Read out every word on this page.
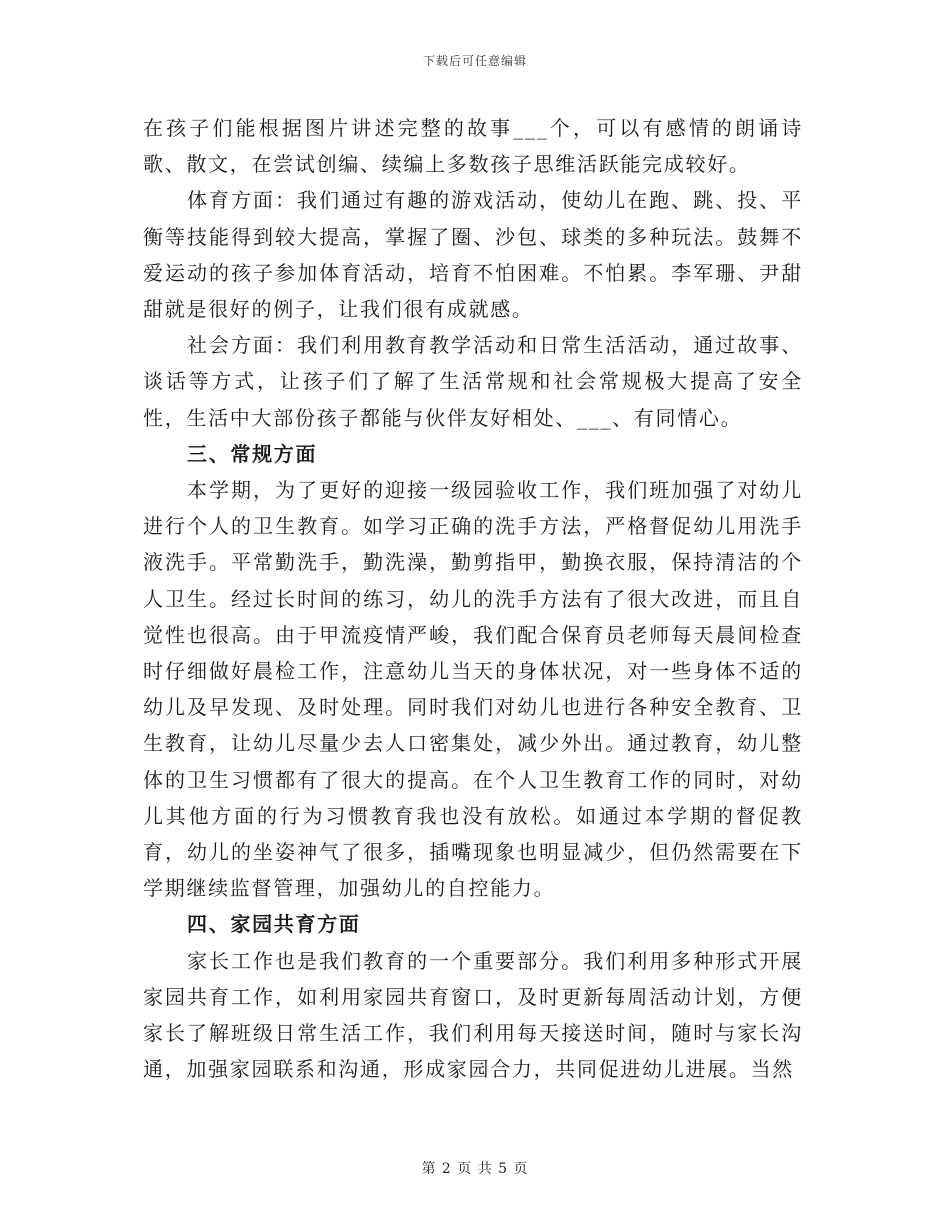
下载后可任意编辑

在孩子们能根据图片讲述完整的故事___个，可以有感情的朗诵诗歌、散文，在尝试创编、续编上多数孩子思维活跃能完成较好。

体育方面：我们通过有趣的游戏活动，使幼儿在跑、跳、投、平衡等技能得到较大提高，掌握了圈、沙包、球类的多种玩法。鼓舞不爱运动的孩子参加体育活动，培育不怕困难。不怕累。李军珊、尹甜甜就是很好的例子，让我们很有成就感。

社会方面：我们利用教育教学活动和日常生活活动，通过故事、谈话等方式，让孩子们了解了生活常规和社会常规极大提高了安全性，生活中大部份孩子都能与伙伴友好相处、___、有同情心。

三、常规方面

本学期，为了更好的迎接一级园验收工作，我们班加强了对幼儿进行个人的卫生教育。如学习正确的洗手方法，严格督促幼儿用洗手液洗手。平常勤洗手，勤洗澡，勤剪指甲，勤换衣服，保持清洁的个人卫生。经过长时间的练习，幼儿的洗手方法有了很大改进，而且自觉性也很高。由于甲流疫情严峻，我们配合保育员老师每天晨间检查时仔细做好晨检工作，注意幼儿当天的身体状况，对一些身体不适的幼儿及早发现、及时处理。同时我们对幼儿也进行各种安全教育、卫生教育，让幼儿尽量少去人口密集处，减少外出。通过教育，幼儿整体的卫生习惯都有了很大的提高。在个人卫生教育工作的同时，对幼儿其他方面的行为习惯教育我也没有放松。如通过本学期的督促教育，幼儿的坐姿神气了很多，插嘴现象也明显减少，但仍然需要在下学期继续监督管理，加强幼儿的自控能力。

四、家园共育方面

家长工作也是我们教育的一个重要部分。我们利用多种形式开展家园共育工作，如利用家园共育窗口，及时更新每周活动计划，方便家长了解班级日常生活工作，我们利用每天接送时间，随时与家长沟通，加强家园联系和沟通，形成家园合力，共同促进幼儿进展。当然

第 2 页 共 5 页
